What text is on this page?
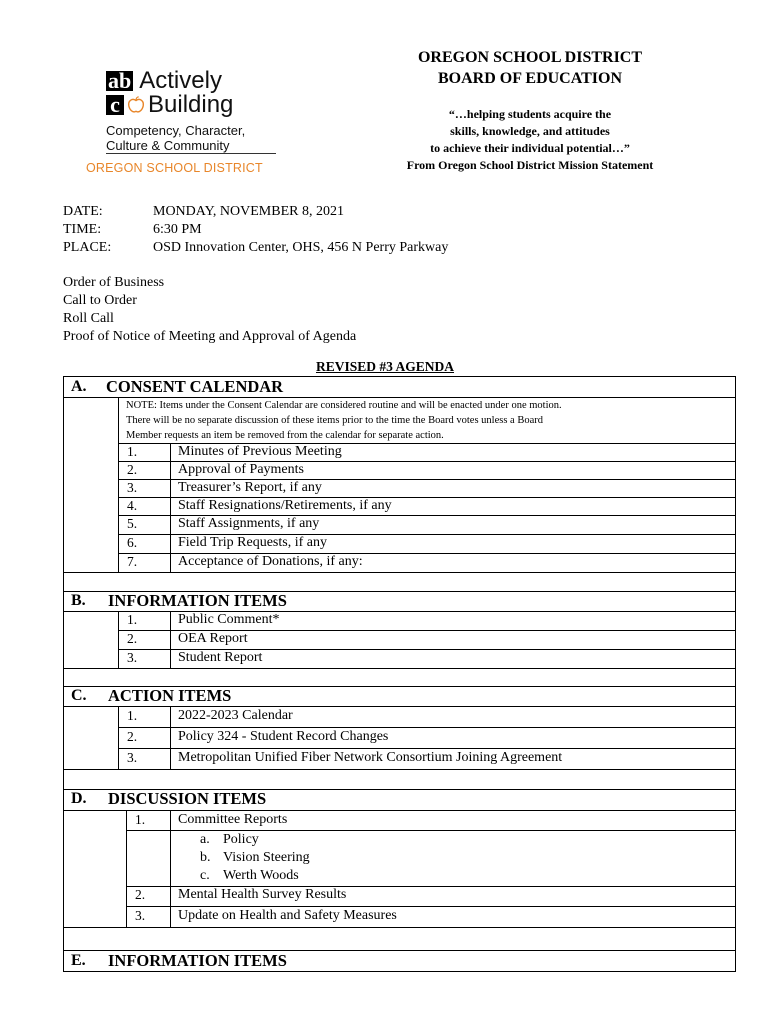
ab Actively
c Building
Competency, Character,
Culture & Community
OREGON SCHOOL DISTRICT
OREGON SCHOOL DISTRICT
BOARD OF EDUCATION
“…helping students acquire the
skills, knowledge, and attitudes
to achieve their individual potential…”
From Oregon School District Mission Statement
DATE:	MONDAY, NOVEMBER 8, 2021
TIME:	6:30 PM
PLACE:	OSD Innovation Center, OHS, 456 N Perry Parkway
Order of Business
Call to Order
Roll Call
Proof of Notice of Meeting and Approval of Agenda
REVISED #3 AGENDA
A. CONSENT CALENDAR
NOTE: Items under the Consent Calendar are considered routine and will be enacted under one motion.
There will be no separate discussion of these items prior to the time the Board votes unless a Board
Member requests an item be removed from the calendar for separate action.
1.	Minutes of Previous Meeting
2.	Approval of Payments
3.	Treasurer’s Report, if any
4.	Staff Resignations/Retirements, if any
5.	Staff Assignments, if any
6.	Field Trip Requests, if any
7.	Acceptance of Donations, if any:
B. INFORMATION ITEMS
1.	Public Comment*
2.	OEA Report
3.	Student Report
C. ACTION ITEMS
1.	2022-2023 Calendar
2.	Policy 324 - Student Record Changes
3.	Metropolitan Unified Fiber Network Consortium Joining Agreement
D. DISCUSSION ITEMS
1.	Committee Reports
a. Policy
b. Vision Steering
c. Werth Woods
2.	Mental Health Survey Results
3.	Update on Health and Safety Measures
E. INFORMATION ITEMS
